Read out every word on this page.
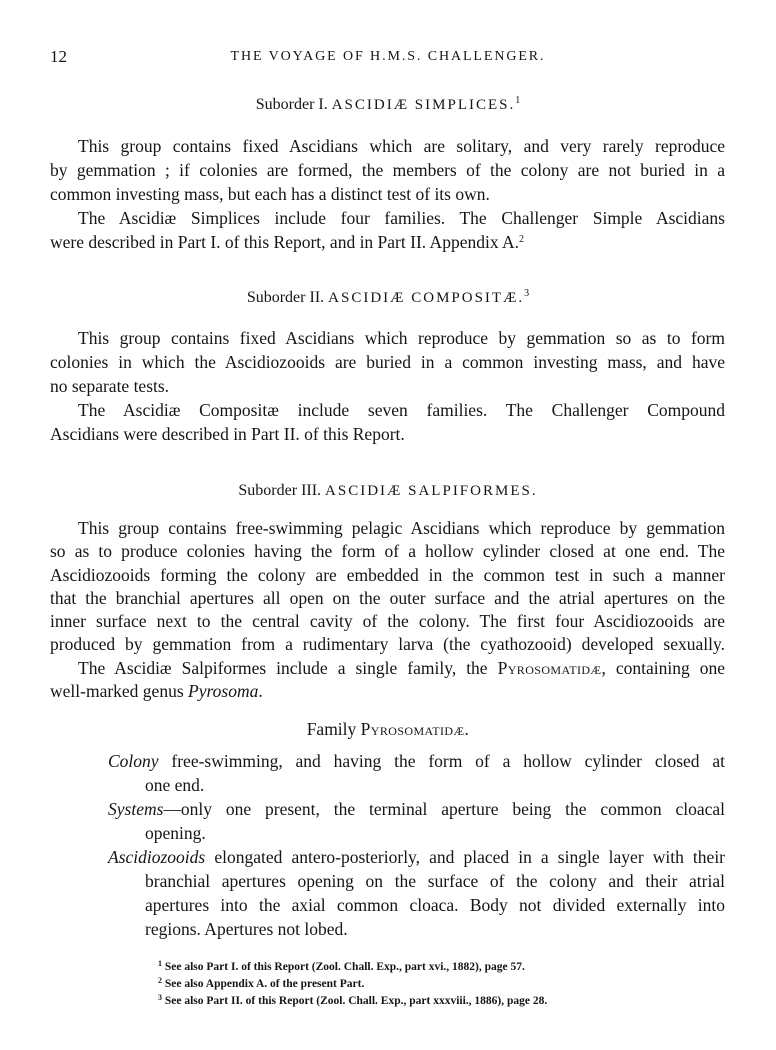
12	THE VOYAGE OF H.M.S. CHALLENGER.
Suborder I. ASCIDIÆ SIMPLICES.$^1$
This group contains fixed Ascidians which are solitary, and very rarely reproduce
by gemmation ; if colonies are formed, the members of the colony are not buried in a
common investing mass, but each has a distinct test of its own.
The Ascidiæ Simplices include four families. The Challenger Simple Ascidians
were described in Part I. of this Report, and in Part II. Appendix A.$^2$
Suborder II. ASCIDIÆ COMPOSITÆ.$^3$
This group contains fixed Ascidians which reproduce by gemmation so as to form
colonies in which the Ascidiozooids are buried in a common investing mass, and have
no separate tests.
The Ascidiæ Compositæ include seven families. The Challenger Compound
Ascidians were described in Part II. of this Report.
Suborder III. ASCIDIÆ SALPIFORMES.
This group contains free-swimming pelagic Ascidians which reproduce by gemmation
so as to produce colonies having the form of a hollow cylinder closed at one end. The
Ascidiozooids forming the colony are embedded in the common test in such a manner
that the branchial apertures all open on the outer surface and the atrial apertures on the
inner surface next to the central cavity of the colony. The first four Ascidiozooids are
produced by gemmation from a rudimentary larva (the cyathozooid) developed sexually.
The Ascidiæ Salpiformes include a single family, the Pyrosomatidæ, containing one
well-marked genus Pyrosoma.
Family Pyrosomatidæ.
Colony free-swimming, and having the form of a hollow cylinder closed at
one end.
Systems—only one present, the terminal aperture being the common cloacal
opening.
Ascidiozooids elongated antero-posteriorly, and placed in a single layer with their
branchial apertures opening on the surface of the colony and their atrial
apertures into the axial common cloaca. Body not divided externally into
regions. Apertures not lobed.
$^1$ See also Part I. of this Report (Zool. Chall. Exp., part xvi., 1882), page 57.
$^2$ See also Appendix A. of the present Part.
$^3$ See also Part II. of this Report (Zool. Chall. Exp., part xxxviii., 1886), page 28.
